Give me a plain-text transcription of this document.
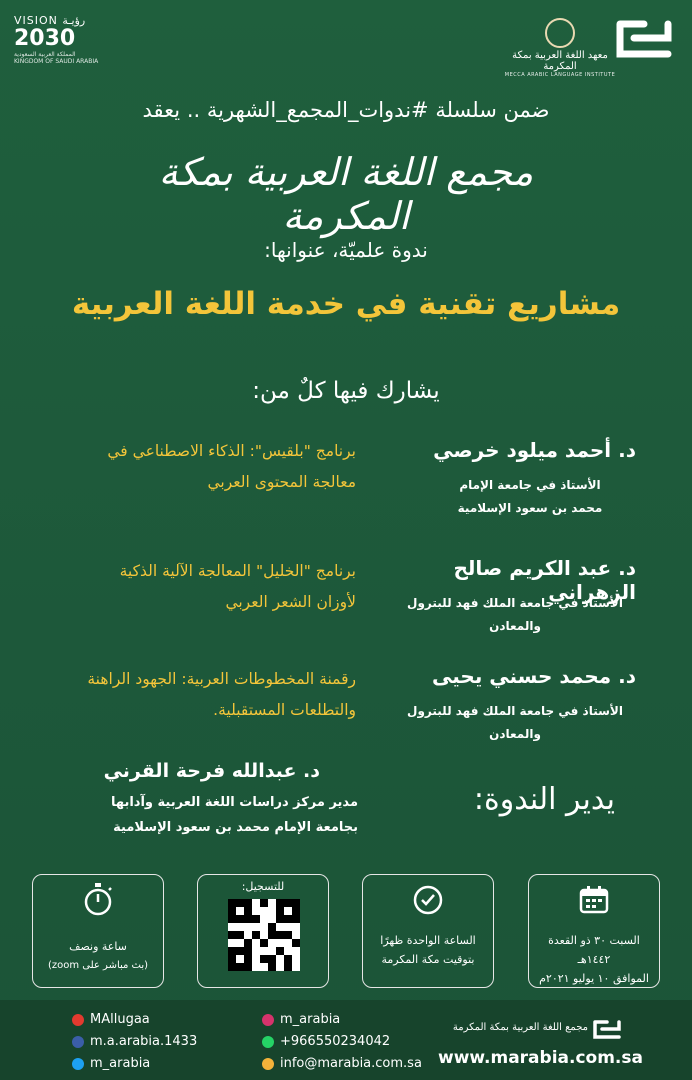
VISION رؤيـة
2030
المملكة العربية السعودية
KINGDOM OF SAUDI ARABIA
معهد اللغة العربية بمكة المكرمة
MECCA ARABIC LANGUAGE INSTITUTE
ضمن سلسلة #ندوات_المجمع_الشهرية .. يعقد
مجمع اللغة العربية بمكة المكرمة
ندوة علميّة، عنوانها:
مشاريع تقنية في خدمة اللغة العربية
يشارك فيها كلٌ من:
د. أحمد ميلود خرصي
الأستاذ في جامعة الإمام
محمد بن سعود الإسلامية
برنامج "بلقيس": الذكاء الاصطناعي في
معالجة المحتوى العربي
د. عبد الكريم صالح الزهراني
الأستاذ في جامعة الملك فهد للبترول والمعادن
برنامج "الخليل" المعالجة الآلية الذكية
لأوزان الشعر العربي
د. محمد حسني يحيى
الأستاذ في جامعة الملك فهد للبترول والمعادن
رقمنة المخطوطات العربية: الجهود الراهنة
والتطلعات المستقبلية.
يدير الندوة:
د. عبدالله فرحة القرني
مدير مركز دراسات اللغة العربية وآدابها
بجامعة الإمام محمد بن سعود الإسلامية
السبت ٣٠ ذو القعدة ١٤٤٢هـ
الموافق ١٠ يوليو ٢٠٢١م
الساعة الواحدة ظهرًا
بتوقيت مكة المكرمة
للتسجيل:
ساعة ونصف
(بث مباشر على zoom)
MAllugaa
m.a.arabia.1433
m_arabia
m_arabia
+966550234042
info@marabia.com.sa
مجمع اللغة العربية بمكة المكرمة
www.marabia.com.sa
